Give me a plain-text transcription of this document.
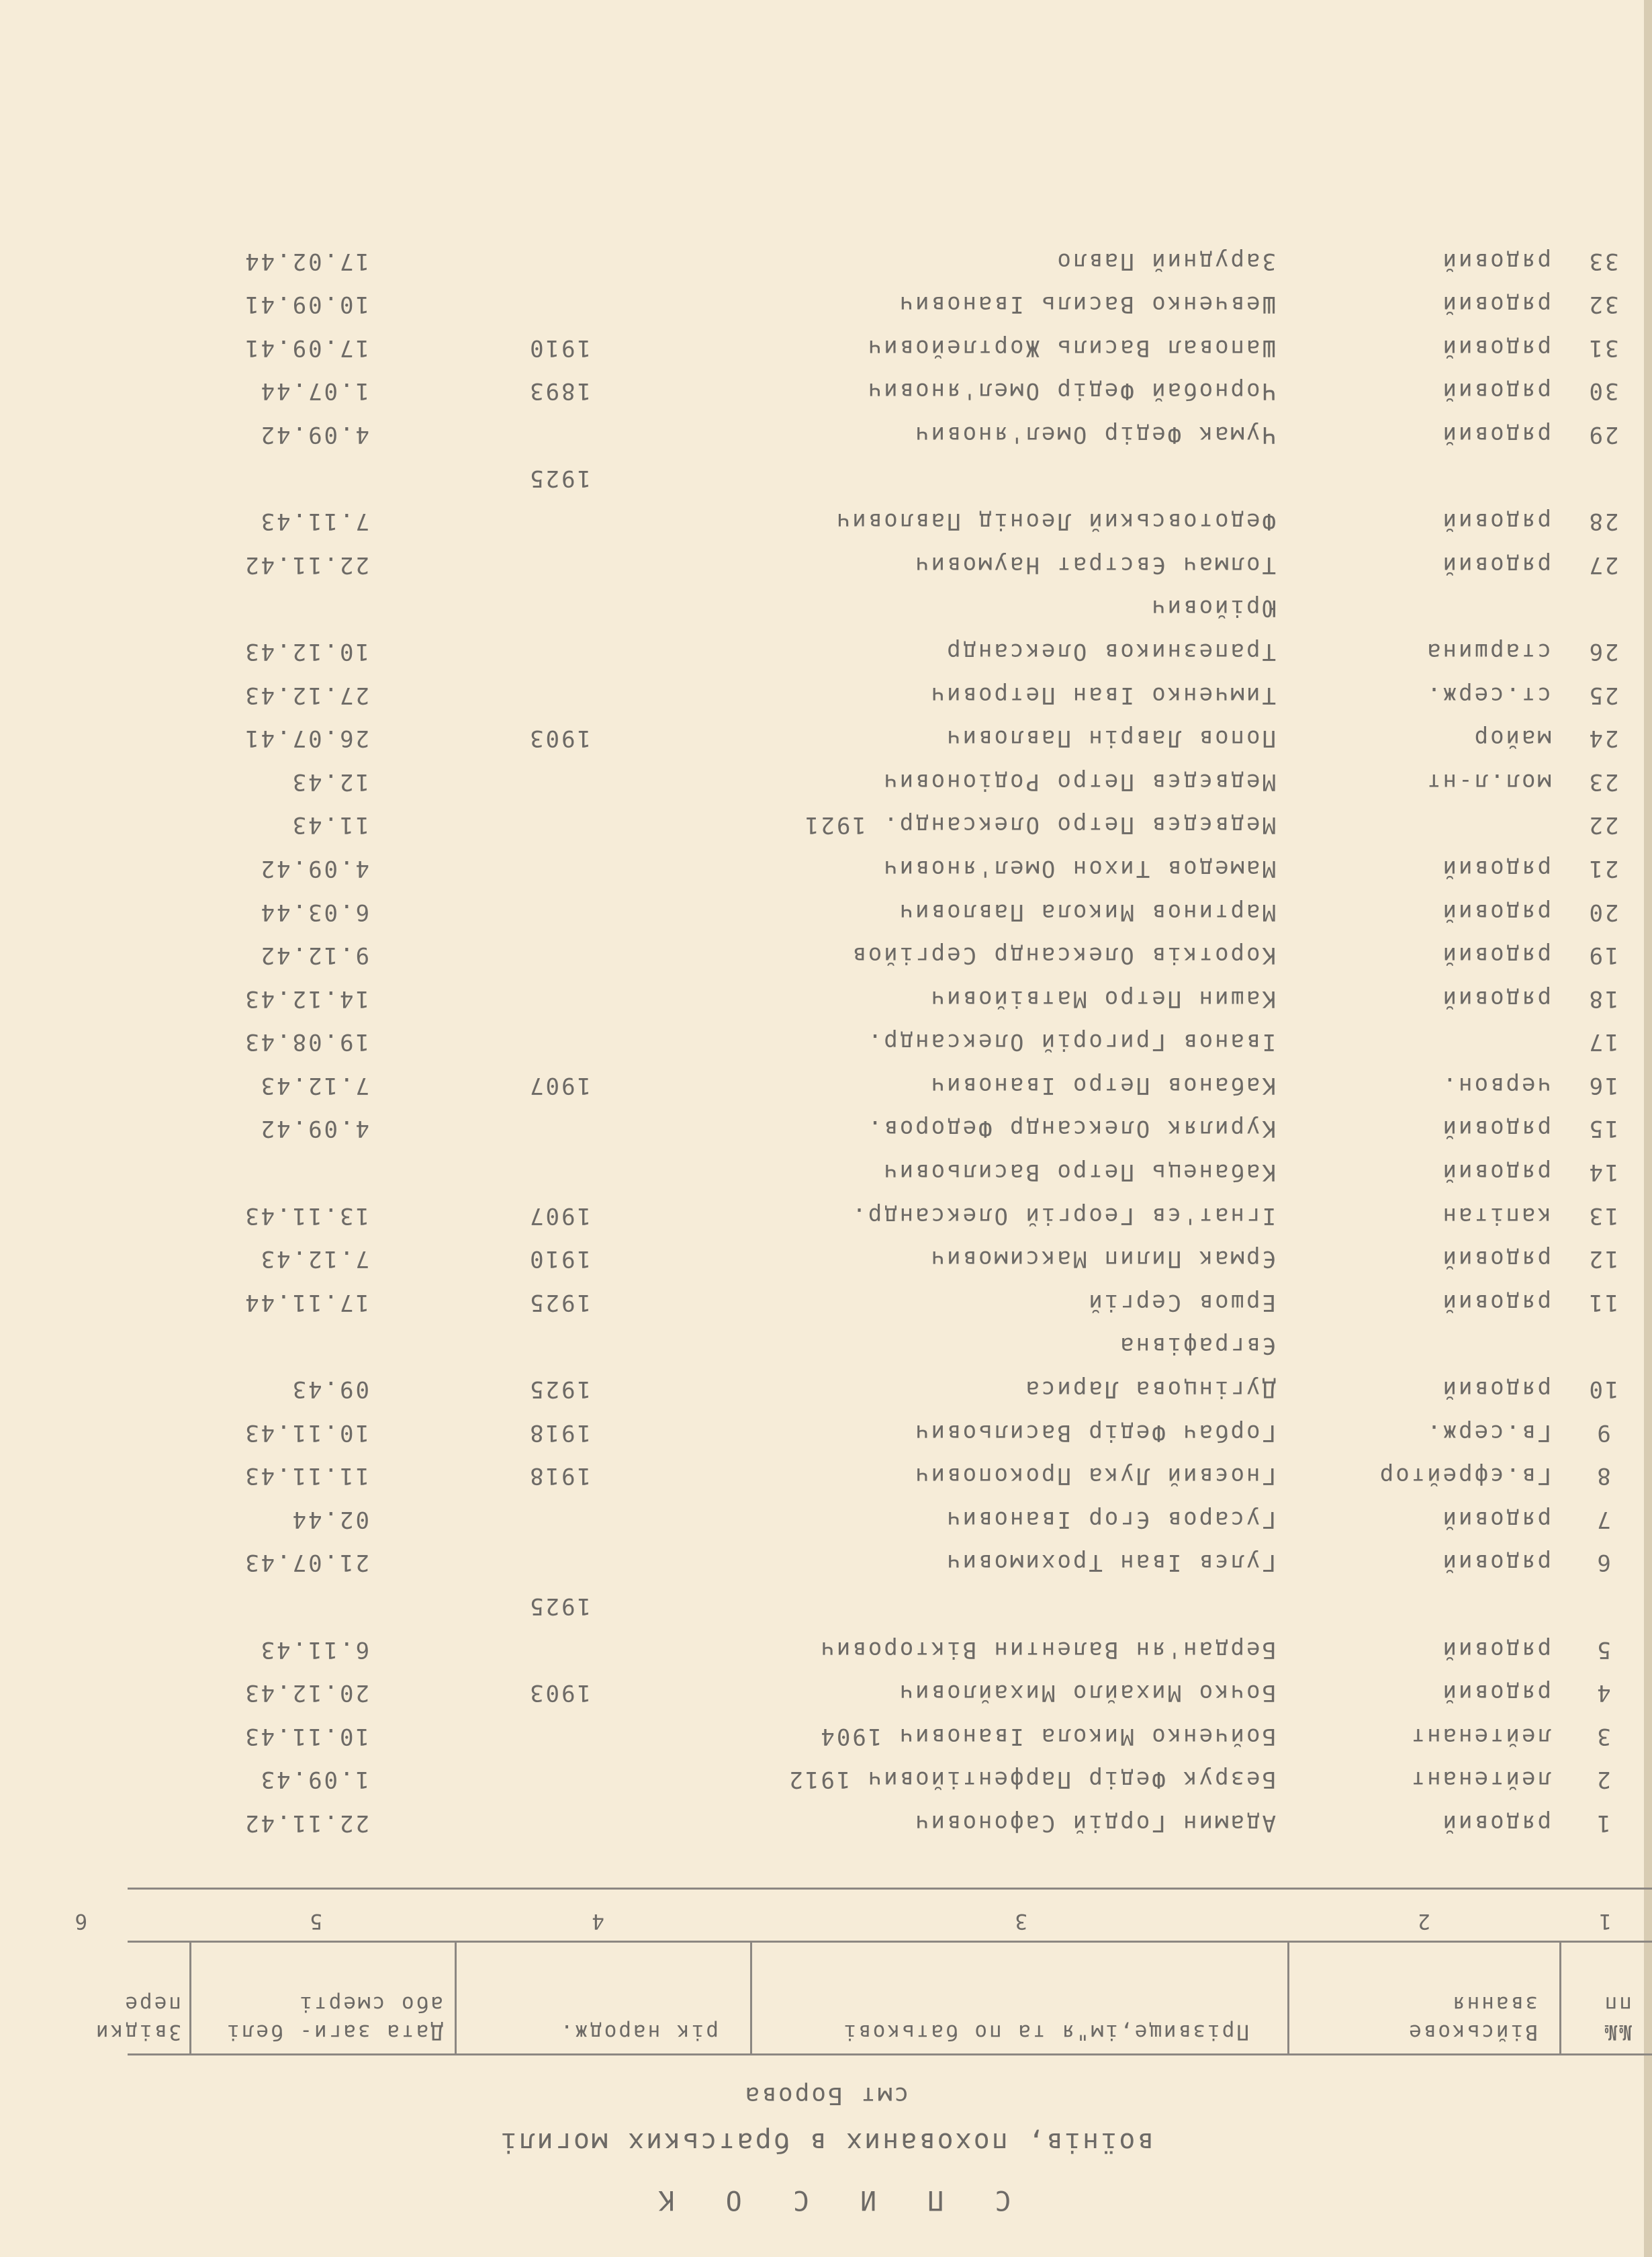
С П И С О К
воїнів, похованих в братських могилі
смт Борова
№№ пп
Військове звання
Прізвище,ім"я та по батькові
рік народж.
Дата заги- белі або смерті
Звідки пере
1
2
3
4
5
6
1
рядовий
Адамин Гордій Сафонович
22.11.42
2
лейтенант
Безрук Федір Парфентійович 1912
1.09.43
3
лейтенант
Бойченко Микола Іванович 1904
10.11.43
4
рядовий
Бочко Михайло Михайлович
1903
20.12.43
5
рядовий
Бердан'ян Валентин Вікторович
6.11.43
1925
6
рядовий
Гулєв Іван Трохимович
21.07.43
7
рядовий
Гусаров Єгор Іванович
02.44
8
Гв.єфрейтор
Гноєвий Лука Прокопович
1918
11.11.43
9
Гв.серж.
Горбач Федір Васильович
1918
10.11.43
10
рядовий
Дугінцова Лариса
1925
09.43
Євграфівна
11
рядовий
Ершов Сергій
1925
17.11.44
12
рядовий
Єрмак Пилип Максимович
1910
7.12.43
13
капітан
Ігнат'єв Георгій Олександр.
1907
13.11.43
14
рядовий
Кабанець Петро Васильович
15
рядовий
Куриляк Олександр Федоров.
4.09.42
16
червон.
Кабанов Петро Іванович
1907
7.12.43
17
Іванов Григорій Олександр.
19.08.43
18
рядовий
Кашин Петро Матвійович
14.12.43
19
рядовий
Коротків Олександр Сергійов
9.12.42
20
рядовий
Мартинов Микола Павлович
6.03.44
21
рядовий
Мамедов Тихон Омел'янович
4.09.42
22
Медвєдєв Петро Олександр. 1921
11.43
23
мол.л-нт
Медвєдєв Петро Родіонович
12.43
24
майор
Попов Лаврін Павлович
1903
26.07.41
25
ст.серж.
Тимченко Іван Петрович
27.12.43
26
старшина
Трапезников Олександр
10.12.43
Юрійович
27
рядовий
Толмач Євстрат Наумович
22.11.42
28
рядовий
Федотовський Леонід Павлович
7.11.43
1925
29
рядовий
Чумак Федір Омел'янович
4.09.42
30
рядовий
Чорнобай Федір Омел'янович
1893
1.07.44
31
рядовий
Шаповал Василь Жортлейович
1910
17.09.41
32
рядовий
Шевченко Василь Іванович
10.09.41
33
рядовий
Зарудний Павло
17.02.44
